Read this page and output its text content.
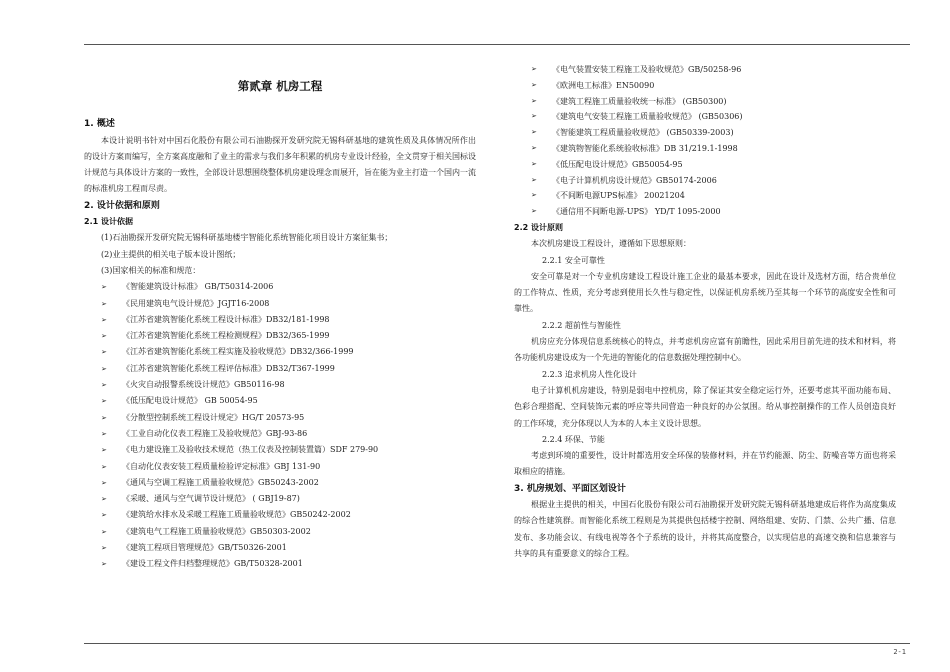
第贰章 机房工程

1. 概述

本设计说明书针对中国石化股份有限公司石油勘探开发研究院无锡科研基地的建筑性质及具体情况所作出的设计方案而编写，全方案高度融和了业主的需求与我们多年积累的机房专业设计经验，全文贯穿于相关国标设计规范与具体设计方案的一致性，全部设计思想围绕整体机房建设理念而展开，旨在能为业主打造一个国内一流的标准机房工程而尽责。

2. 设计依据和原则

2.1 设计依据

(1)石油勘探开发研究院无锡科研基地楼宇智能化系统智能化项目设计方案征集书；

(2)业主提供的相关电子版本设计图纸；

(3)国家相关的标准和规范：

➢	《智能建筑设计标准》 GB/T50314-2006
➢	《民用建筑电气设计规范》JGJT16-2008
➢	《江苏省建筑智能化系统工程设计标准》DB32/181-1998
➢	《江苏省建筑智能化系统工程检测规程》DB32/365-1999
➢	《江苏省建筑智能化系统工程实施及验收规范》DB32/366-1999
➢	《江苏省建筑智能化系统工程评估标准》DB32/T367-1999
➢	《火灾自动报警系统设计规范》GB50116-98
➢	《低压配电设计规范》 GB 50054-95
➢	《分散型控制系统工程设计规定》HG/T 20573-95
➢	《工业自动化仪表工程施工及验收规范》GBJ-93-86
➢	《电力建设施工及验收技术规范（热工仪表及控制装置篇）SDF 279-90
➢	《自动化仪表安装工程质量检验评定标准》GBJ 131-90
➢	《通风与空调工程施工质量验收规范》GB50243-2002
➢	《采暖、通风与空气调节设计规范》 ( GBJ19-87)
➢	《建筑给水排水及采暖工程施工质量验收规范》GB50242-2002
➢	《建筑电气工程施工质量验收规范》GB50303-2002
➢	《建筑工程项目管理规范》GB/T50326-2001
➢	《建设工程文件归档整理规范》GB/T50328-2001
➢	《电气装置安装工程施工及验收规范》GB/50258-96
➢	《欧洲电工标准》EN50090
➢	《建筑工程施工质量验收统一标准》 (GB50300)
➢	《建筑电气安装工程施工质量验收规范》 (GB50306)
➢	《智能建筑工程质量验收规范》 (GB50339-2003)
➢	《建筑物智能化系统验收标准》DB 31/219.1-1998
➢	《低压配电设计规范》GB50054-95
➢	《电子计算机机房设计规范》GB50174-2006
➢	《不间断电源UPS标准》 20021204
➢	《通信用不间断电源-UPS》 YD/T 1095-2000

2.2 设计原则

本次机房建设工程设计，遵循如下思想原则：

2.2.1 安全可靠性

安全可靠是对一个专业机房建设工程设计施工企业的最基本要求，因此在设计及选材方面，结合贵单位的工作特点、性质，充分考虑到使用长久性与稳定性，以保证机房系统乃至其每一个环节的高度安全性和可靠性。

2.2.2 超前性与智能性

机房应充分体现信息系统核心的特点，并考虑机房应富有前瞻性，因此采用目前先进的技术和材料，将各功能机房建设成为一个先进的智能化的信息数据处理控制中心。

2.2.3 追求机房人性化设计

电子计算机机房建设，特别是弱电中控机房，除了保证其安全稳定运行外，还要考虑其平面功能布局、色彩合理搭配、空间装饰元素的呼应等共同营造一种良好的办公氛围。给从事控制操作的工作人员创造良好的工作环境，充分体现以人为本的人本主义设计思想。

2.2.4 环保、节能

考虑到环境的重要性，设计时都选用安全环保的装修材料，并在节约能源、防尘、防噪音等方面也将采取相应的措施。

3. 机房规划、平面区划设计

根据业主提供的相关，中国石化股份有限公司石油勘探开发研究院无锡科研基地建成后将作为高度集成的综合性建筑群。而智能化系统工程则是为其提供包括楼宇控制、网络组建、安防、门禁、公共广播、信息发布、多功能会议、有线电视等各个子系统的设计，并将其高度整合，以实现信息的高速交换和信息兼容与共享的具有重要意义的综合工程。

2-1
